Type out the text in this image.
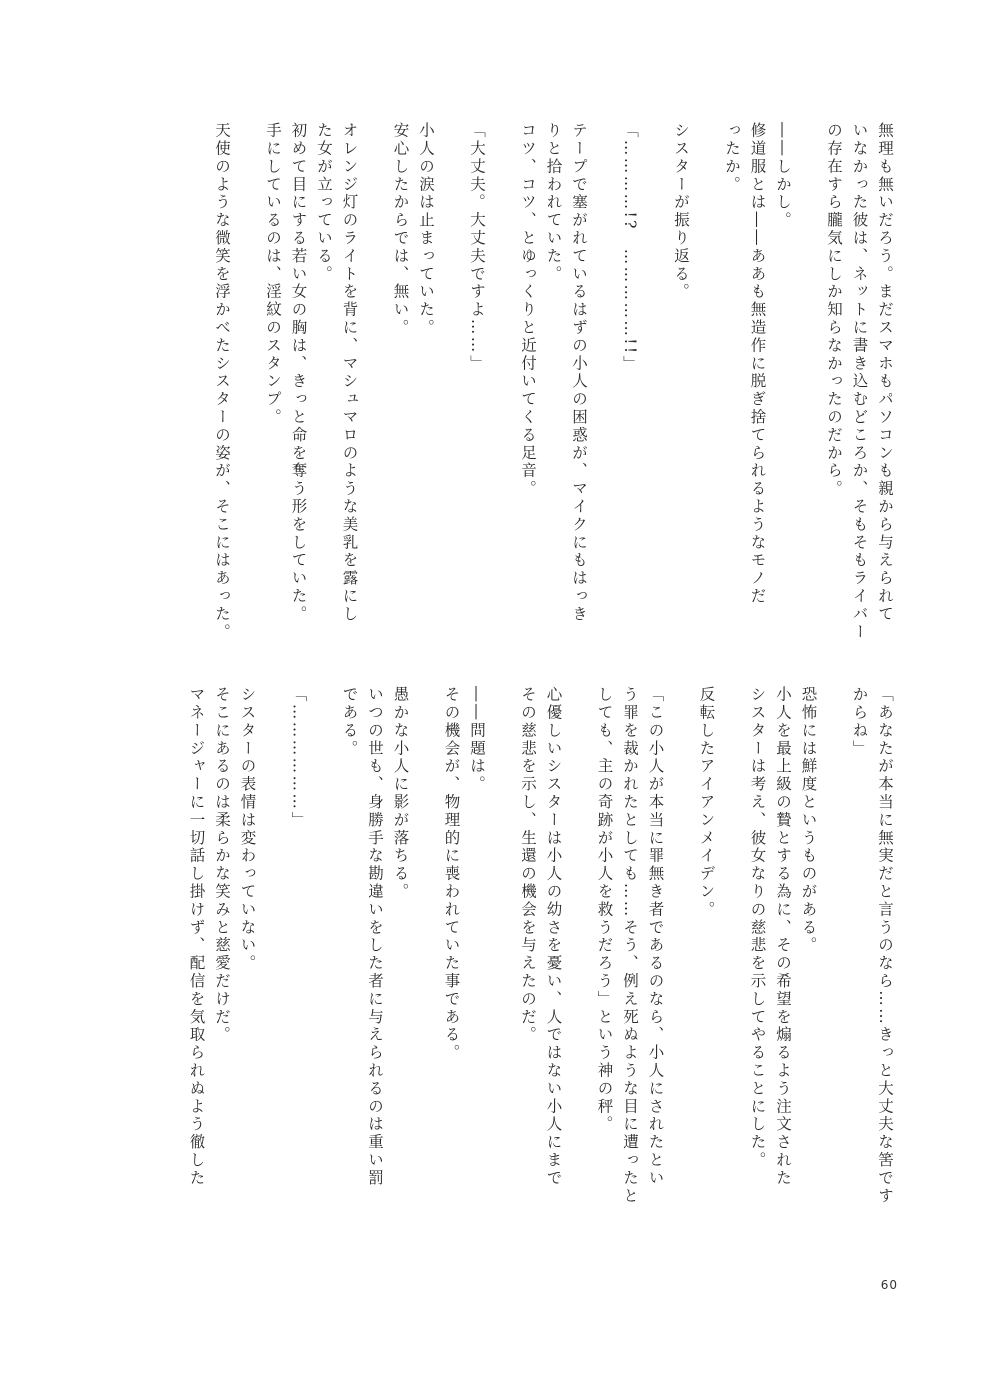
無理も無いだろう。まだスマホもパソコンも親から与えられて

いなかった彼は、ネットに書き込むどころか、そもそもライバー

の存在すら朧気にしか知らなかったのだから。

――しかし。

修道服とは――ああも無造作に脱ぎ捨てられるようなモノだ

ったか。

シスターが振り返る。

「…………!?　……………!!」

テープで塞がれているはずの小人の困惑が、マイクにもはっき

りと拾われていた。

コツ、コツ、とゆっくりと近付いてくる足音。

「大丈夫。大丈夫ですよ……」

小人の涙は止まっていた。

安心したからでは、無い。

オレンジ灯のライトを背に、マシュマロのような美乳を露にし

た女が立っている。

初めて目にする若い女の胸は、きっと命を奪う形をしていた。

手にしているのは、淫紋のスタンプ。

天使のような微笑を浮かべたシスターの姿が、そこにはあった。

「あなたが本当に無実だと言うのなら……きっと大丈夫な筈です

からね」

恐怖には鮮度というものがある。

小人を最上級の贄とする為に、その希望を煽るよう注文された

シスターは考え、彼女なりの慈悲を示してやることにした。

反転したアイアンメイデン。

「この小人が本当に罪無き者であるのなら、小人にされたとい

う罪を裁かれたとしても……そう、例え死ぬような目に遭ったと

しても、主の奇跡が小人を救うだろう」という神の秤。

心優しいシスターは小人の幼さを憂い、人ではない小人にまで

その慈悲を示し、生還の機会を与えたのだ。

――問題は。

その機会が、物理的に喪われていた事である。

愚かな小人に影が落ちる。

いつの世も、身勝手な勘違いをした者に与えられるのは重い罰

である。

「………………」

シスターの表情は変わっていない。

そこにあるのは柔らかな笑みと慈愛だけだ。

マネージャーに一切話し掛けず、配信を気取られぬよう徹した

60
